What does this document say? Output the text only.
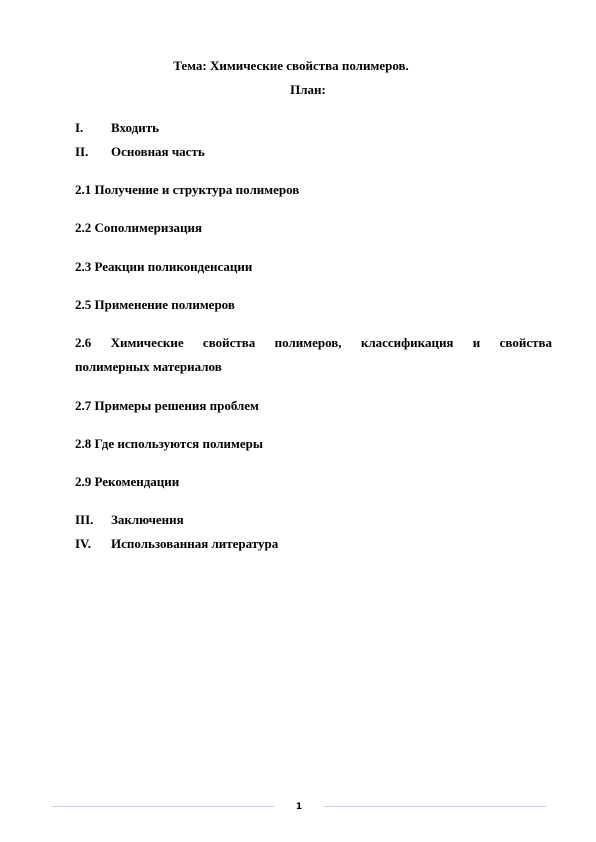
Тема: Химические свойства полимеров.
План:
I. Входить
II. Основная часть
2.1 Получение и структура полимеров
2.2 Сополимеризация
2.3 Реакции поликонденсации
2.5 Применение полимеров
2.6 Химические свойства полимеров, классификация и свойства
полимерных материалов
2.7 Примеры решения проблем
2.8 Где используются полимеры
2.9 Рекомендации
III. Заключения
IV. Использованная литература
1
